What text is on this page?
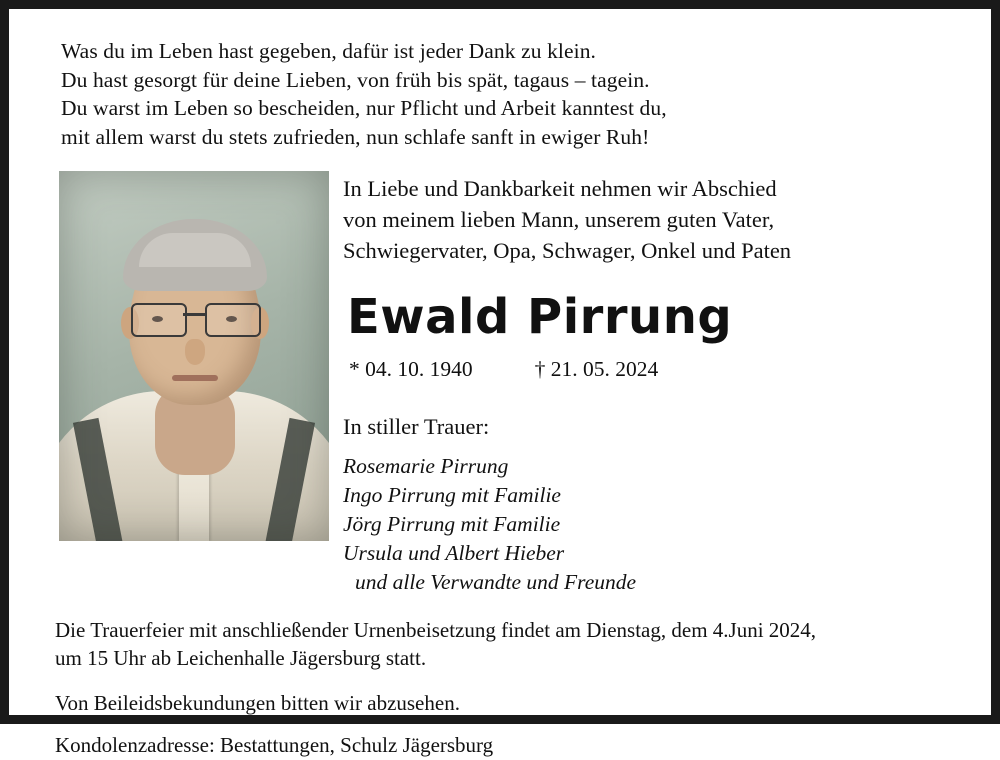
Was du im Leben hast gegeben, dafür ist jeder Dank zu klein.
Du hast gesorgt für deine Lieben, von früh bis spät, tagaus – tagein.
Du warst im Leben so bescheiden, nur Pflicht und Arbeit kanntest du,
mit allem warst du stets zufrieden, nun schlafe sanft in ewiger Ruh!
In Liebe und Dankbarkeit nehmen wir Abschied
von meinem lieben Mann, unserem guten Vater,
Schwiegervater, Opa, Schwager, Onkel und Paten
Ewald Pirrung
* 04. 10. 1940	† 21. 05. 2024
In stiller Trauer:
Rosemarie Pirrung
Ingo Pirrung mit Familie
Jörg Pirrung mit Familie
Ursula und Albert Hieber
und alle Verwandte und Freunde

Die Trauerfeier mit anschließender Urnenbeisetzung findet am Dienstag, dem 4.Juni 2024,

um 15 Uhr ab Leichenhalle Jägersburg statt.

Von Beileidsbekundungen bitten wir abzusehen.

Kondolenzadresse: Bestattungen, Schulz Jägersburg
